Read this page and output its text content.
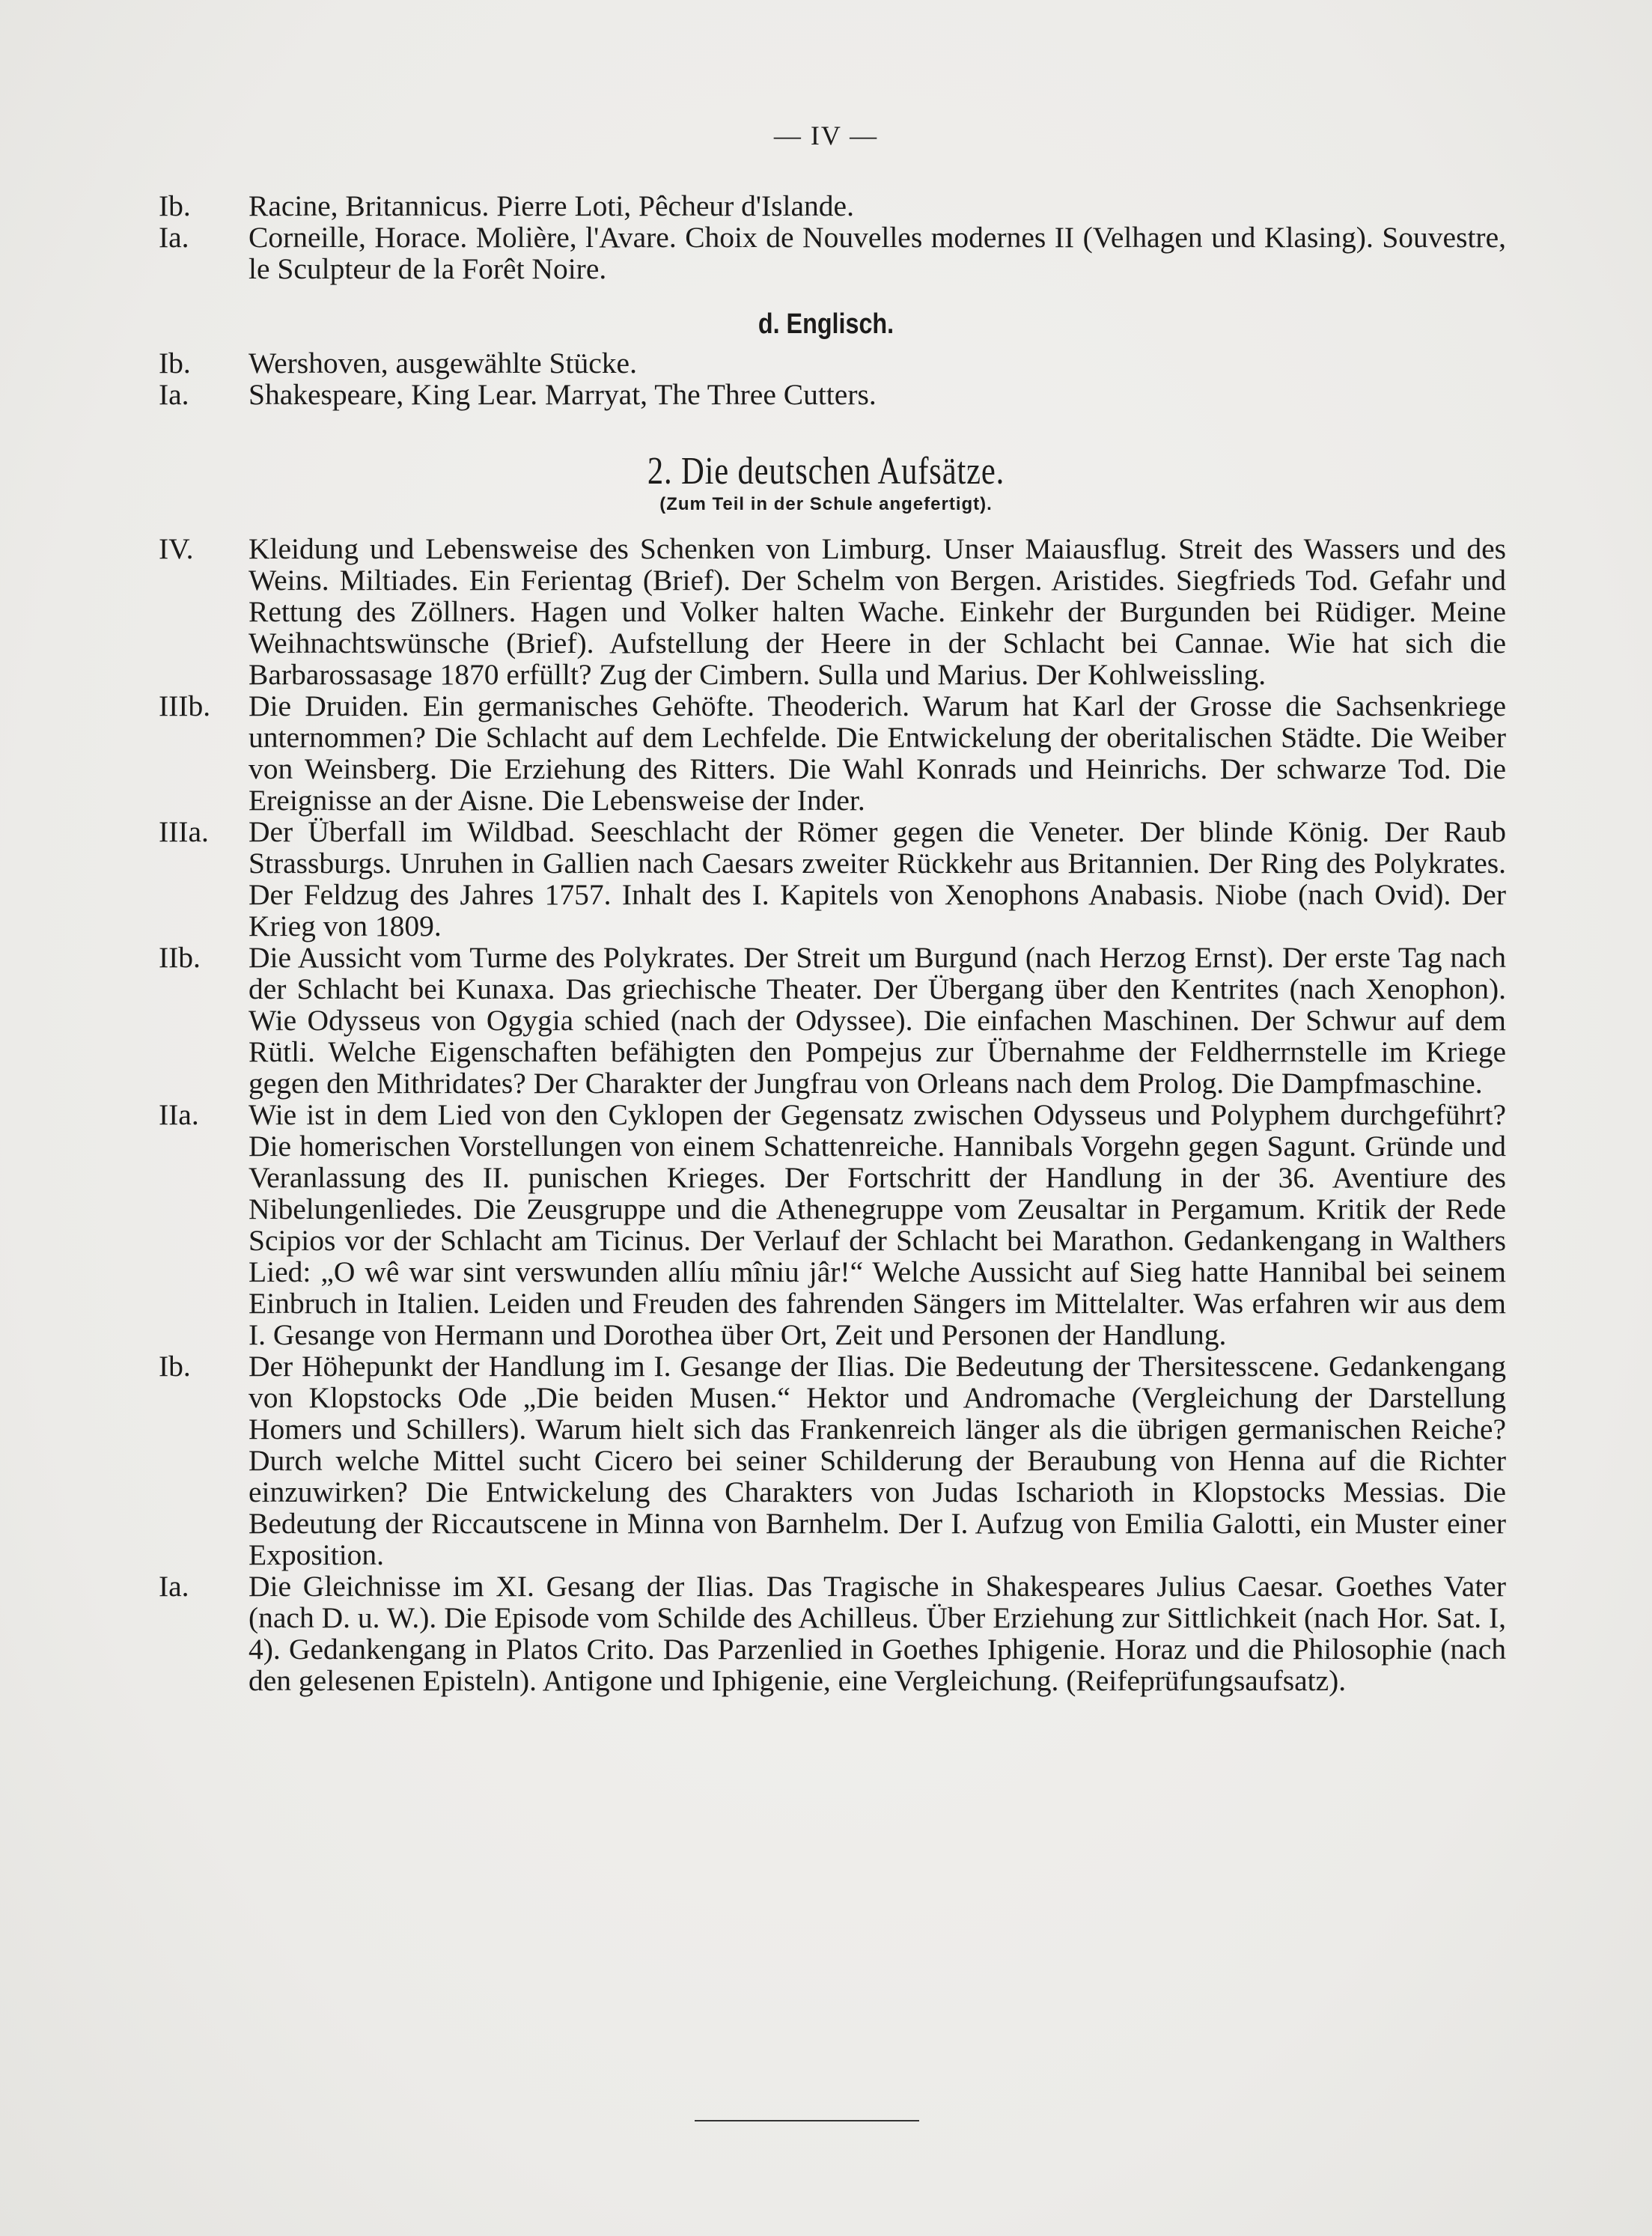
— IV —
Ib.	Racine, Britannicus. Pierre Loti, Pêcheur d'Islande.
Ia.	Corneille, Horace. Molière, l'Avare. Choix de Nouvelles modernes II (Velhagen und Klasing). Souvestre, le Sculpteur de la Forêt Noire.
d. Englisch.
Ib.	Wershoven, ausgewählte Stücke.
Ia.	Shakespeare, King Lear. Marryat, The Three Cutters.
2. Die deutschen Aufsätze.
(Zum Teil in der Schule angefertigt).
IV.	Kleidung und Lebensweise des Schenken von Limburg. Unser Maiausflug. Streit des Wassers und des Weins. Miltiades. Ein Ferientag (Brief). Der Schelm von Bergen. Aristides. Siegfrieds Tod. Gefahr und Rettung des Zöllners. Hagen und Volker halten Wache. Einkehr der Burgunden bei Rüdiger. Meine Weihnachtswünsche (Brief). Aufstellung der Heere in der Schlacht bei Cannae. Wie hat sich die Barbarossasage 1870 erfüllt? Zug der Cimbern. Sulla und Marius. Der Kohlweissling.
IIIb.	Die Druiden. Ein germanisches Gehöfte. Theoderich. Warum hat Karl der Grosse die Sachsenkriege unternommen? Die Schlacht auf dem Lechfelde. Die Entwickelung der oberitalischen Städte. Die Weiber von Weinsberg. Die Erziehung des Ritters. Die Wahl Konrads und Heinrichs. Der schwarze Tod. Die Ereignisse an der Aisne. Die Lebensweise der Inder.
IIIa.	Der Überfall im Wildbad. Seeschlacht der Römer gegen die Veneter. Der blinde König. Der Raub Strassburgs. Unruhen in Gallien nach Caesars zweiter Rückkehr aus Britannien. Der Ring des Polykrates. Der Feldzug des Jahres 1757. Inhalt des I. Kapitels von Xenophons Anabasis. Niobe (nach Ovid). Der Krieg von 1809.
IIb.	Die Aussicht vom Turme des Polykrates. Der Streit um Burgund (nach Herzog Ernst). Der erste Tag nach der Schlacht bei Kunaxa. Das griechische Theater. Der Übergang über den Kentrites (nach Xenophon). Wie Odysseus von Ogygia schied (nach der Odyssee). Die einfachen Maschinen. Der Schwur auf dem Rütli. Welche Eigenschaften befähigten den Pompejus zur Übernahme der Feldherrnstelle im Kriege gegen den Mithridates? Der Charakter der Jungfrau von Orleans nach dem Prolog. Die Dampfmaschine.
IIa.	Wie ist in dem Lied von den Cyklopen der Gegensatz zwischen Odysseus und Polyphem durchgeführt? Die homerischen Vorstellungen von einem Schattenreiche. Hannibals Vorgehn gegen Sagunt. Gründe und Veranlassung des II. punischen Krieges. Der Fortschritt der Handlung in der 36. Aventiure des Nibelungenliedes. Die Zeusgruppe und die Athenegruppe vom Zeusaltar in Pergamum. Kritik der Rede Scipios vor der Schlacht am Ticinus. Der Verlauf der Schlacht bei Marathon. Gedankengang in Walthers Lied: „O wê war sint verswunden allíu mîniu jâr!“ Welche Aussicht auf Sieg hatte Hannibal bei seinem Einbruch in Italien. Leiden und Freuden des fahrenden Sängers im Mittelalter. Was erfahren wir aus dem I. Gesange von Hermann und Dorothea über Ort, Zeit und Personen der Handlung.
Ib.	Der Höhepunkt der Handlung im I. Gesange der Ilias. Die Bedeutung der Thersitesscene. Gedankengang von Klopstocks Ode „Die beiden Musen.“ Hektor und Andromache (Vergleichung der Darstellung Homers und Schillers). Warum hielt sich das Frankenreich länger als die übrigen germanischen Reiche? Durch welche Mittel sucht Cicero bei seiner Schilderung der Beraubung von Henna auf die Richter einzuwirken? Die Entwickelung des Charakters von Judas Ischarioth in Klopstocks Messias. Die Bedeutung der Riccautscene in Minna von Barnhelm. Der I. Aufzug von Emilia Galotti, ein Muster einer Exposition.
Ia.	Die Gleichnisse im XI. Gesang der Ilias. Das Tragische in Shakespeares Julius Caesar. Goethes Vater (nach D. u. W.). Die Episode vom Schilde des Achilleus. Über Erziehung zur Sittlichkeit (nach Hor. Sat. I, 4). Gedankengang in Platos Crito. Das Parzenlied in Goethes Iphigenie. Horaz und die Philosophie (nach den gelesenen Episteln). Antigone und Iphigenie, eine Vergleichung. (Reifeprüfungsaufsatz).
